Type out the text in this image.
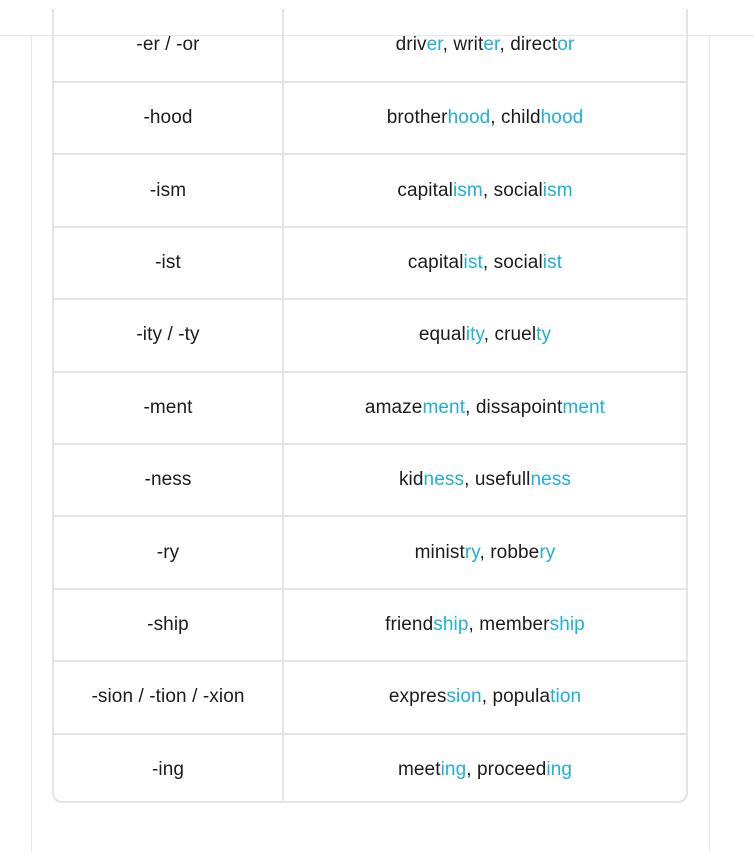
-er / -or	driver, writer, director
-hood	brotherhood, childhood
-ism	capitalism, socialism
-ist	capitalist, socialist
-ity / -ty	equality, cruelty
-ment	amazement, dissapointment
-ness	kidness, usefullness
-ry	ministry, robbery
-ship	friendship, membership
-sion / -tion / -xion	expression, population
-ing	meeting, proceeding
